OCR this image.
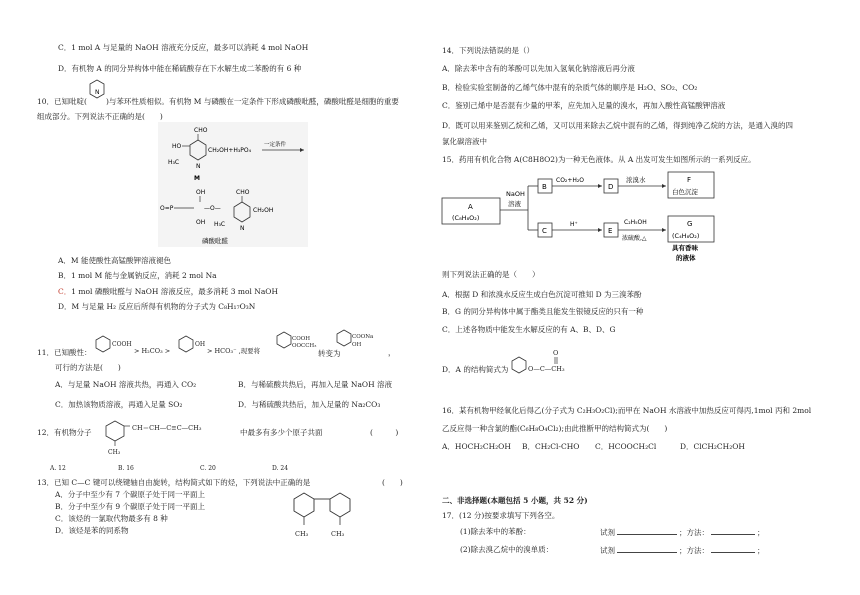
C．1 mol A 与足量的 NaOH 溶液充分反应，最多可以消耗 4 mol NaOH
D．有机物 A 的同分异构体中能在稀硫酸存在下水解生成二苯酚的有 6 种
10．已知吡啶(
N
)与苯环性质相似。有机物 M 与磷酸在一定条件下形成磷酸吡醛，磷酸吡醛是细胞的重要
组成部分。下列说法不正确的是(　　)
CHO
HO
CH₂OH+H₃PO₄
一定条件
H₃C
N
M
OH	CHO
O=P	—O—	CH₂OH
OH H₃C
N
磷酸吡醛
A．M 能使酸性高锰酸钾溶液褪色
B．1 mol M 能与金属钠反应，消耗 2 mol Na
C．1 mol 磷酸吡醛与 NaOH 溶液反应，最多消耗 3 mol NaOH
D．M 与足量 H₂ 反应后所得有机物的分子式为 C₈H₁₇O₃N
11．已知酸性：
COOH
> H₂CO₃ >
OH
> HCO₃⁻ ,现要将
COOH
OOCCH₃
转变为
COONa
OH
，
可行的方法是(　　)
A．与足量 NaOH 溶液共热，再通入 CO₂	B．与稀硫酸共热后，再加入足量 NaOH 溶液
C．加热该物质溶液，再通入足量 SO₂	D．与稀硫酸共热后，加入足量的 Na₂CO₃
12．有机物分子
CH₃
CH＝CH—C≡C—CH₃	中最多有多少个原子共面	(　　　)
A. 12	B. 16	C. 20	D. 24
13．已知 C—C 键可以绕键轴自由旋转，结构简式如下的烃，下列说法中正确的是	(　　)
A．分子中至少有 7 个碳原子处于同一平面上
B．分子中至少有 9 个碳原子处于同一平面上
C．该烃的一氯取代物最多有 8 种
D．该烃是苯的同系物	CH₃	CH₃
14．下列说法错误的是（）
A．除去苯中含有的苯酚可以先加入氢氧化钠溶液后再分液
B．检验实验室制备的乙烯气体中混有的杂质气体的顺序是 H₂O、SO₂、CO₂
C．鉴别己烯中是否混有少量的甲苯，应先加入足量的溴水，再加入酸性高锰酸钾溶液
D．既可以用来鉴别乙烷和乙烯，又可以用来除去乙烷中混有的乙烯，得到纯净乙烷的方法，是通入溴的四
氯化碳溶液中
15．药用有机化合物 A(C8H8O2)为一种无色液体。从 A 出发可发生如图所示的一系列反应。
A
(C₈H₈O₂)
NaOH
溶液
B
CO₂+H₂O
D
浓溴水	F
白色沉淀
C
H⁺
E
C₂H₅OH
浓硫酸,△
G
(C₄H₈O₂)
具有香味
的液体
则下列说法正确的是（　　）
A．根据 D 和浓溴水反应生成白色沉淀可推知 D 为三溴苯酚
B．G 的同分异构体中属于酯类且能发生银镜反应的只有一种
C．上述各物质中能发生水解反应的有 A、B、D、G
D．A 的结构简式为	O—C—CH₃
O
16．某有机物甲经氧化后得乙(分子式为 C₂H₃O₂Cl);而甲在 NaOH 水溶液中加热反应可得丙,1mol 丙和 2mol
乙反应得一种含氯的酯(C₆H₈O₄Cl₂);由此推断甲的结构简式为(　　)
A．HOCH₂CH₂OH B．CH₂Cl-CHO C．HCOOCH₂Cl	D．ClCH₂CH₂OH
二、非选择题(本题包括 5 小题，共 52 分)
17．(12 分)按要求填写下列各空。
(1)除去苯中的苯酚：	试剂	；方法：	；
(2)除去溴乙烷中的溴单质：	试剂	；方法：	；
